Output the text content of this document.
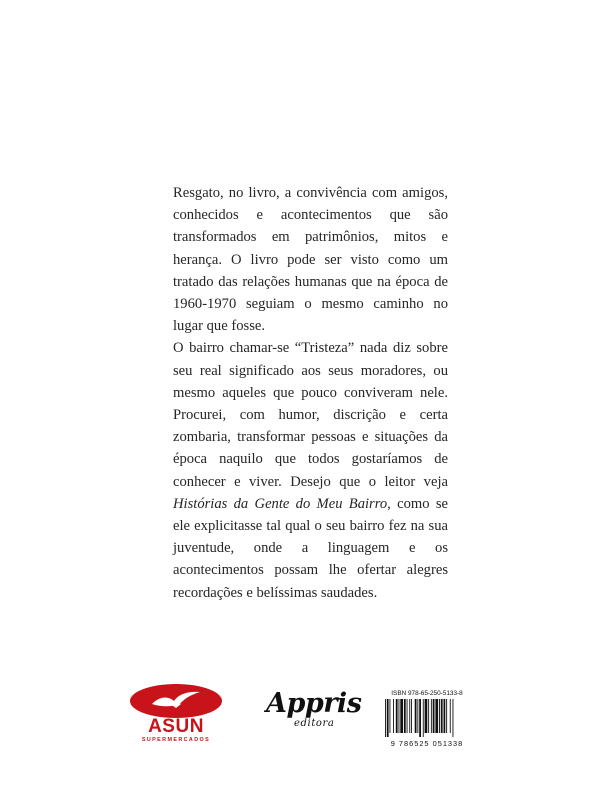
Resgato, no livro, a convivência com amigos, conhecidos e acontecimentos que são transformados em patrimônios, mitos e herança. O livro pode ser visto como um tratado das relações humanas que na época de 1960-1970 seguiam o mesmo caminho no lugar que fosse.

O bairro chamar-se “Tristeza” nada diz sobre seu real significado aos seus moradores, ou mesmo aqueles que pouco conviveram nele. Procurei, com humor, discrição e certa zombaria, transformar pessoas e situações da época naquilo que todos gostaríamos de conhecer e viver. Desejo que o leitor veja Histórias da Gente do Meu Bairro, como se ele explicitasse tal qual o seu bairro fez na sua juventude, onde a linguagem e os acontecimentos possam lhe ofertar alegres recordações e belíssimas saudades.

ASUN
SUPERMERCADOS
Appris
editora
ISBN 978-65-250-5133-8
9 786525 051338
